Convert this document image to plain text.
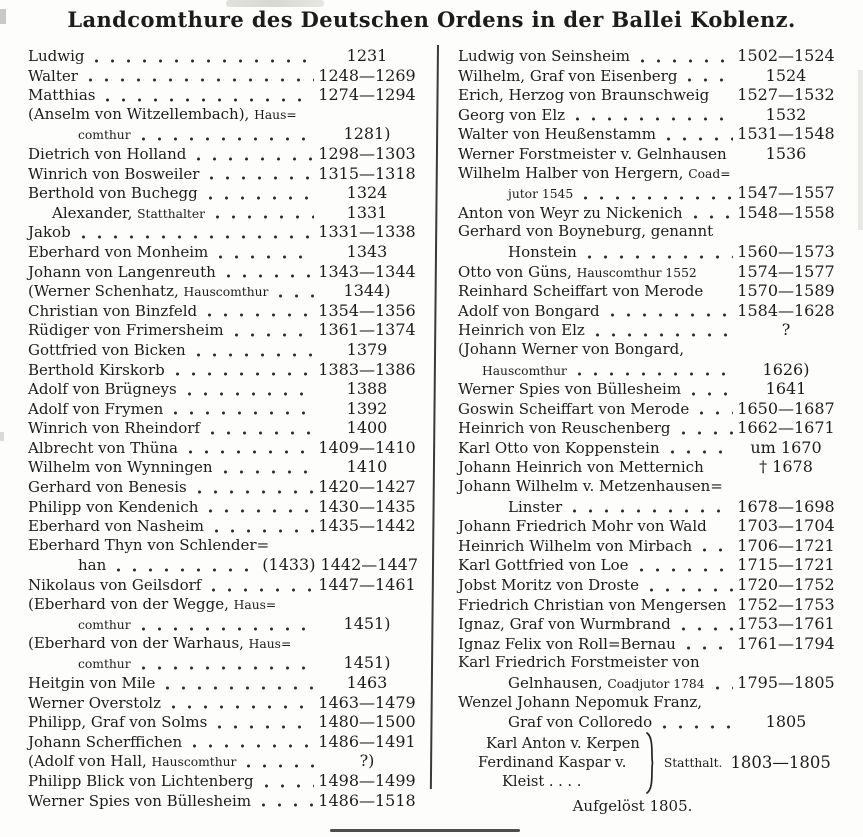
Landcomthure des Deutschen Ordens in der Ballei Koblenz.
Ludwig	1231
Walter	1248—1269
Matthias	1274—1294
(Anselm von Witzellembach), Haus=
comthur	1281)
Dietrich von Holland	1298—1303
Winrich von Bosweiler	1315—1318
Berthold von Buchegg	1324
Alexander, Statthalter	1331
Jakob	1331—1338
Eberhard von Monheim	1343
Johann von Langenreuth	1343—1344
(Werner Schenhatz, Hauscomthur	1344)
Christian von Binzfeld	1354—1356
Rüdiger von Frimersheim	1361—1374
Gottfried von Bicken	1379
Berthold Kirskorb	1383—1386
Adolf von Brügneys	1388
Adolf von Frymen	1392
Winrich von Rheindorf	1400
Albrecht von Thüna	1409—1410
Wilhelm von Wynningen	1410
Gerhard von Benesis	1420—1427
Philipp von Kendenich	1430—1435
Eberhard von Nasheim	1435—1442
Eberhard Thyn von Schlender=
han	(1433) 1442—1447
Nikolaus von Geilsdorf	1447—1461
(Eberhard von der Wegge, Haus=
comthur	1451)
(Eberhard von der Warhaus, Haus=
comthur	1451)
Heitgin von Mile	1463
Werner Overstolz	1463—1479
Philipp, Graf von Solms	1480—1500
Johann Scherffichen	1486—1491
(Adolf von Hall, Hauscomthur	?)
Philipp Blick von Lichtenberg	1498—1499
Werner Spies von Büllesheim	1486—1518
Ludwig von Seinsheim	1502—1524
Wilhelm, Graf von Eisenberg	1524
Erich, Herzog von Braunschweig 1527—1532
Georg von Elz	1532
Walter von Heußenstamm	1531—1548
Werner Forstmeister v. Gelnhausen	1536
Wilhelm Halber von Hergern, Coad=
jutor 1545	1547—1557
Anton von Weyr zu Nickenich	1548—1558
Gerhard von Boyneburg, genannt
Honstein	1560—1573
Otto von Güns, Hauscomthur 1552	1574—1577
Reinhard Scheiffart von Merode 1570—1589
Adolf von Bongard	1584—1628
Heinrich von Elz	?
(Johann Werner von Bongard,
Hauscomthur	1626)
Werner Spies von Büllesheim	1641
Goswin Scheiffart von Merode	1650—1687
Heinrich von Reuschenberg	1662—1671
Karl Otto von Koppenstein	um 1670
Johann Heinrich von Metternich	† 1678
Johann Wilhelm v. Metzenhausen=
Linster	1678—1698
Johann Friedrich Mohr von Wald 1703—1704
Heinrich Wilhelm von Mirbach	1706—1721
Karl Gottfried von Loe	1715—1721
Jobst Moritz von Droste	1720—1752
Friedrich Christian von Mengersen 1752—1753
Ignaz, Graf von Wurmbrand	1753—1761
Ignaz Felix von Roll=Bernau	1761—1794
Karl Friedrich Forstmeister von
Gelnhausen, Coadjutor 1784 1795—1805
Wenzel Johann Nepomuk Franz,
Graf von Colloredo	1805
Karl Anton v. Kerpen
Ferdinand Kaspar v.
Kleist . . . .
Statthalt. 1803—1805
Aufgelöst 1805.
